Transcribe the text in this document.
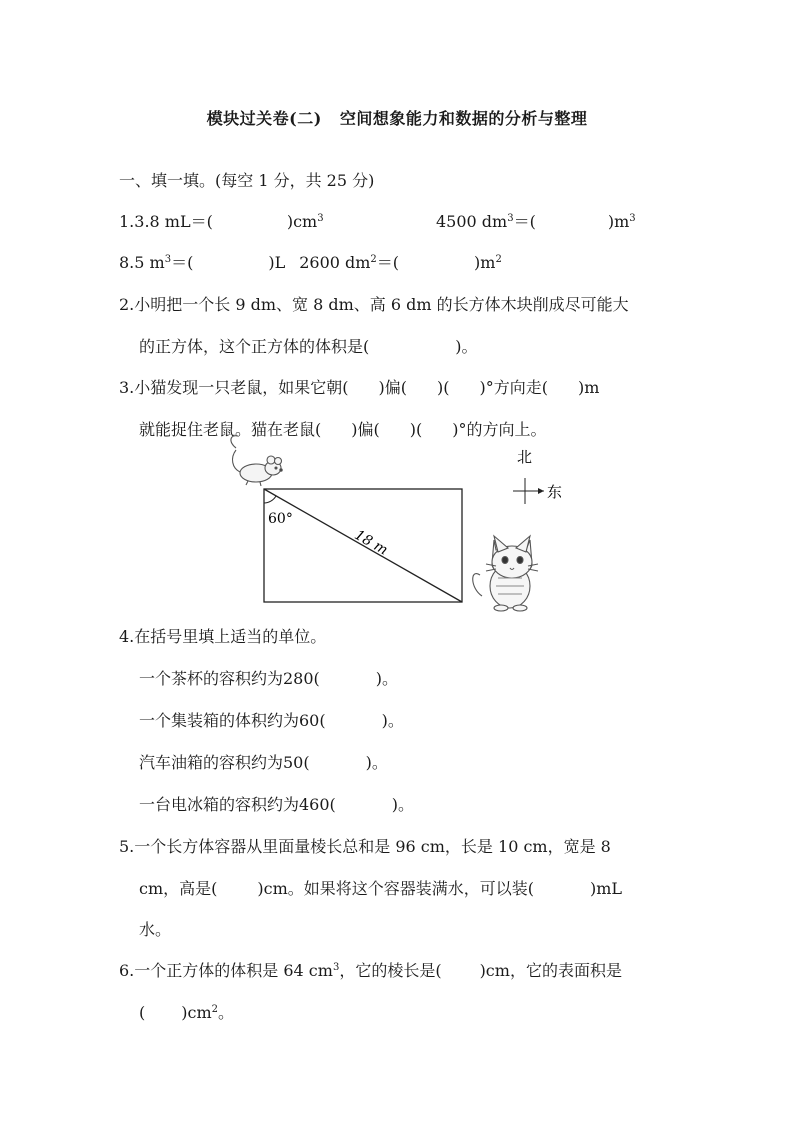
模块过关卷(二) 空间想象能力和数据的分析与整理
一、填一填。(每空 1 分，共 25 分)
1.3.8 mL＝(	)$cm^3$	4500 $dm^3=$(	)$m^3$
8.5 $m^3=$(	)L 2600 $dm^2=$(	)$m^2$
2.小明把一个长 9 dm、宽 8 dm、高 6 dm 的长方体木块削成尽可能大
的正方体，这个正方体的体积是(	)。
3.小猫发现一只老鼠，如果它朝( )偏( )( )°方向走( )m
就能捉住老鼠。猫在老鼠( )偏( )( )°的方向上。
60°
18 m
北
东
4.在括号里填上适当的单位。
一个茶杯的容积约为280(	)。
一个集装箱的体积约为60(	)。
汽车油箱的容积约为50(	)。
一台电冰箱的容积约为460(	)。
5.一个长方体容器从里面量棱长总和是 96 cm，长是 10 cm，宽是 8
cm，高是(	)cm。如果将这个容器装满水，可以装(	)mL
水。
6.一个正方体的体积是 64 $cm^3$，它的棱长是( )cm，它的表面积是
( )$cm^2$。
